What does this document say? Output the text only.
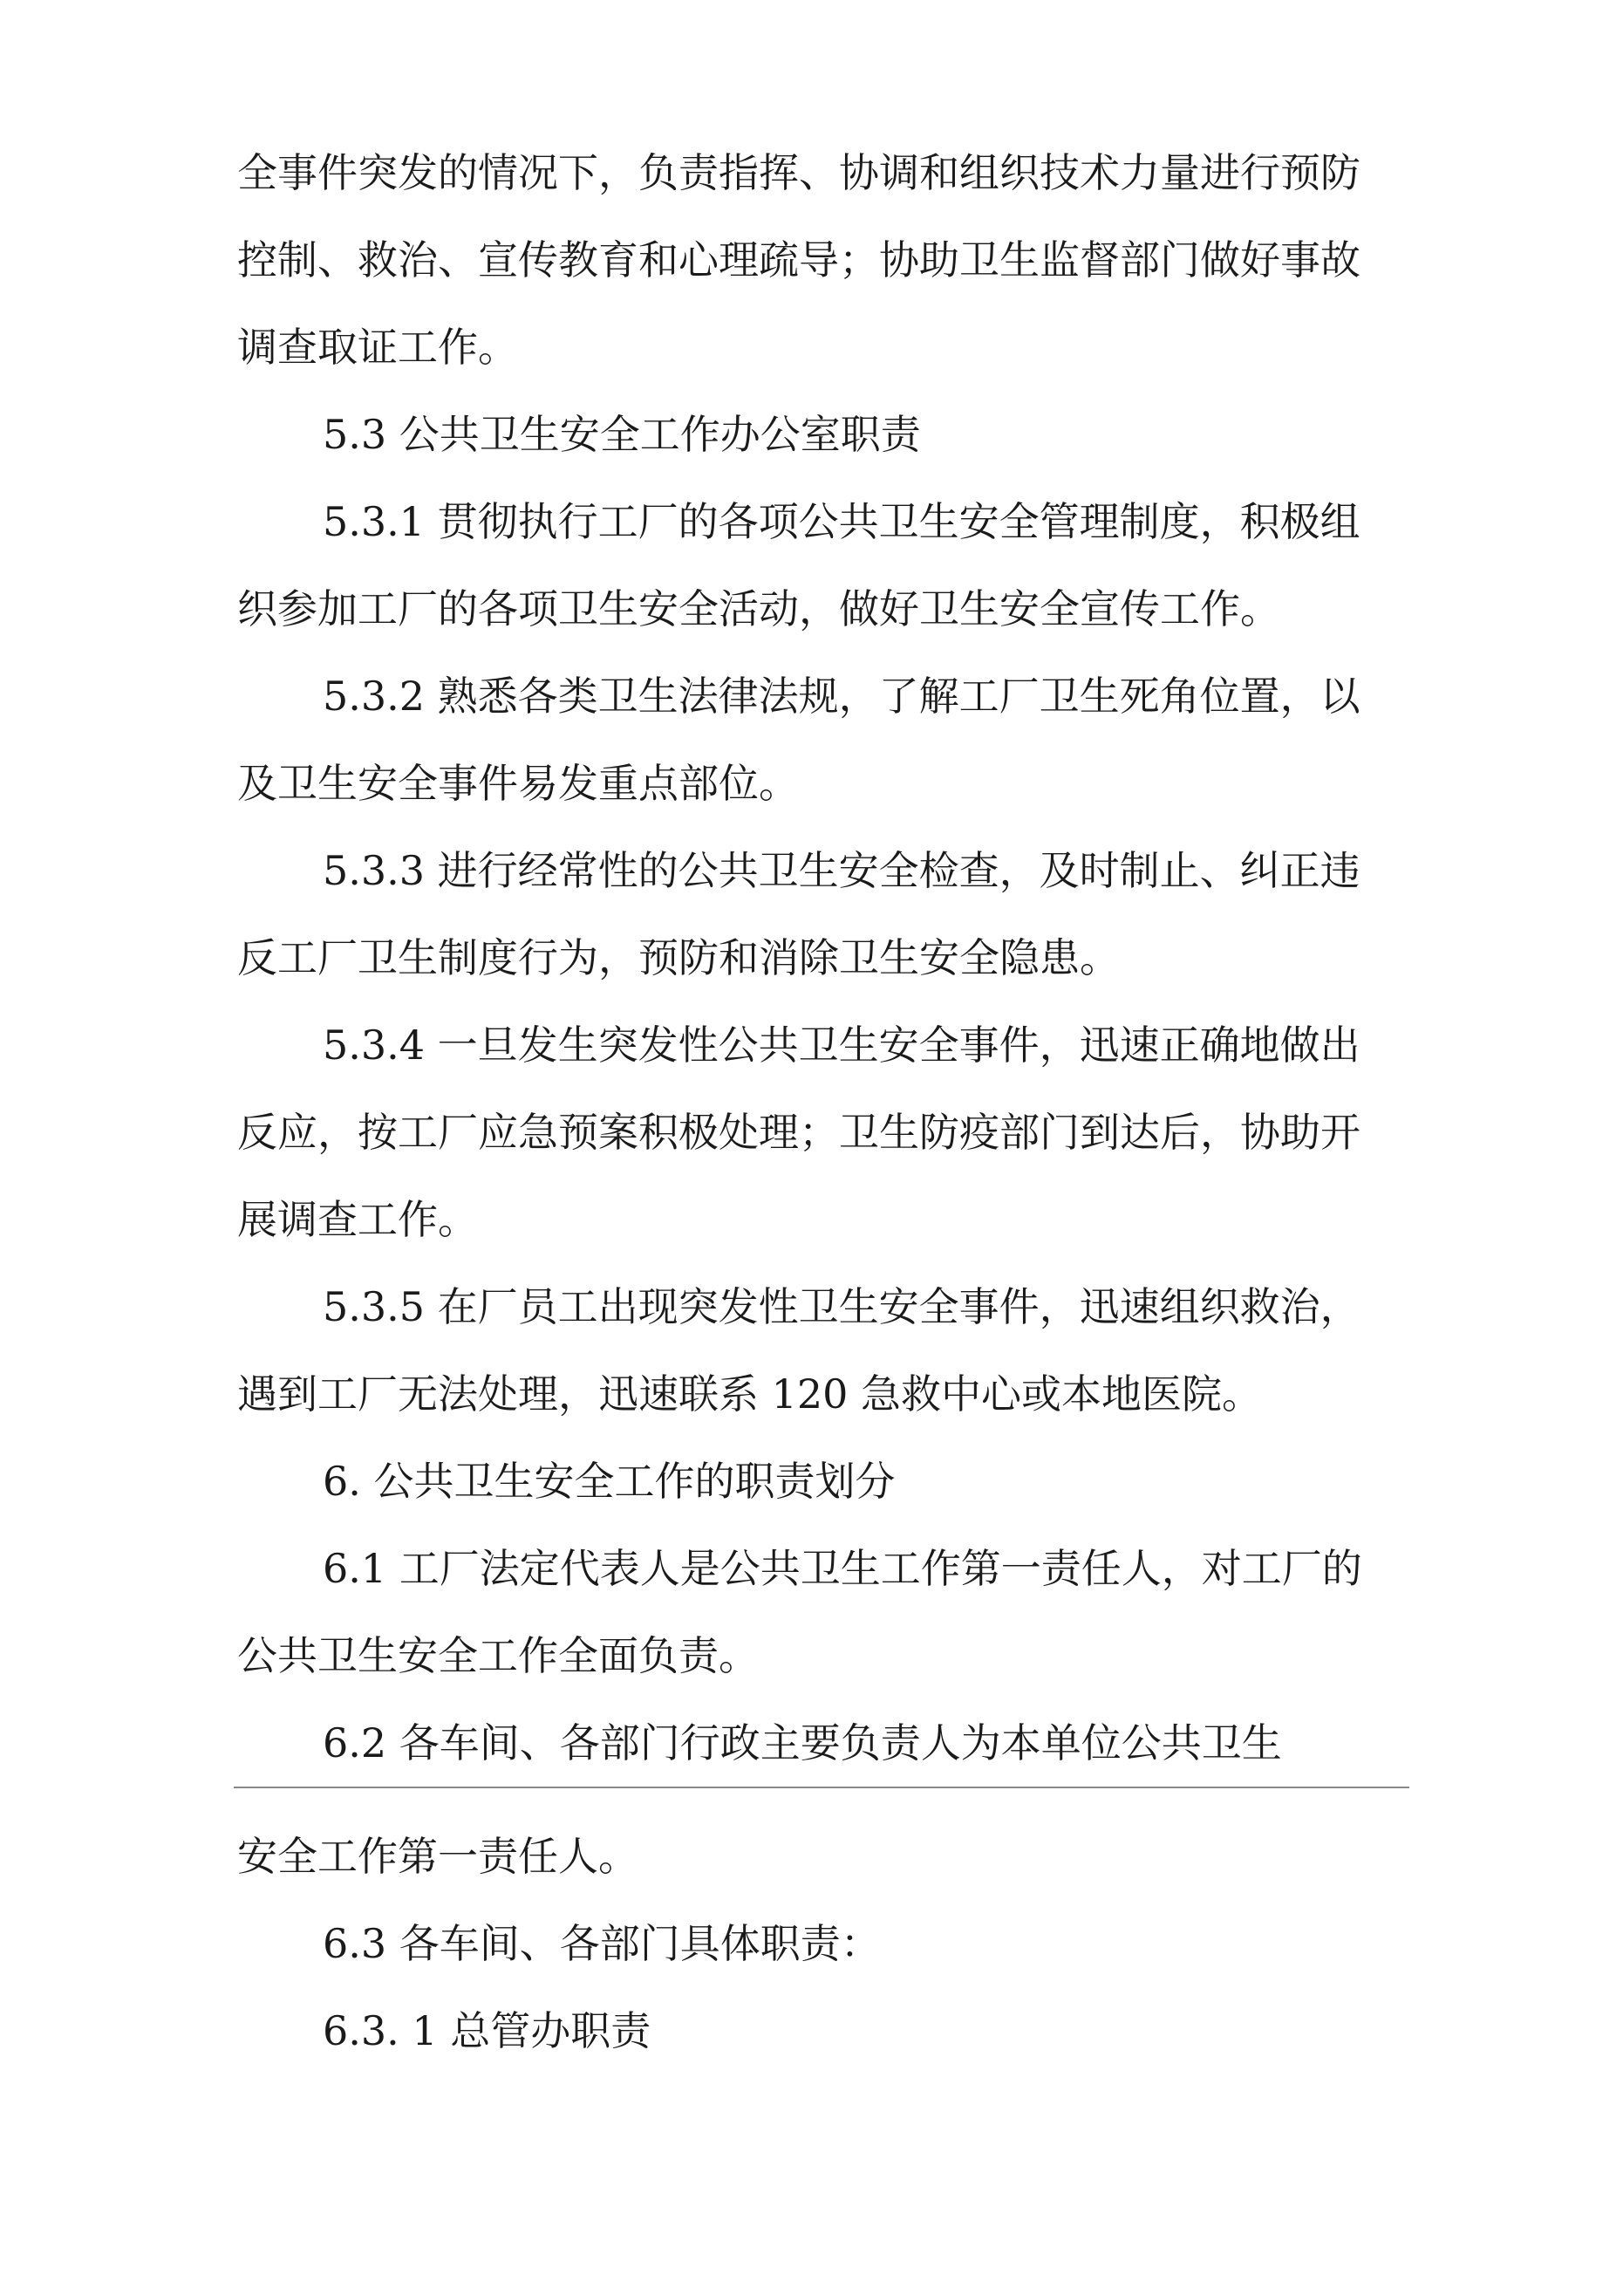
全事件突发的情况下，负责指挥、协调和组织技术力量进行预防

控制、救治、宣传教育和心理疏导；协助卫生监督部门做好事故

调查取证工作。

5.3 公共卫生安全工作办公室职责

5.3.1 贯彻执行工厂的各项公共卫生安全管理制度，积极组

织参加工厂的各项卫生安全活动，做好卫生安全宣传工作。

5.3.2 熟悉各类卫生法律法规，了解工厂卫生死角位置，以

及卫生安全事件易发重点部位。

5.3.3 进行经常性的公共卫生安全检查，及时制止、纠正违

反工厂卫生制度行为，预防和消除卫生安全隐患。

5.3.4 一旦发生突发性公共卫生安全事件，迅速正确地做出

反应，按工厂应急预案积极处理；卫生防疫部门到达后，协助开

展调查工作。

5.3.5 在厂员工出现突发性卫生安全事件，迅速组织救治，

遇到工厂无法处理，迅速联系 120 急救中心或本地医院。

6. 公共卫生安全工作的职责划分

6.1 工厂法定代表人是公共卫生工作第一责任人，对工厂的

公共卫生安全工作全面负责。

6.2 各车间、各部门行政主要负责人为本单位公共卫生

安全工作第一责任人。

6.3 各车间、各部门具体职责：

6.3. 1 总管办职责
